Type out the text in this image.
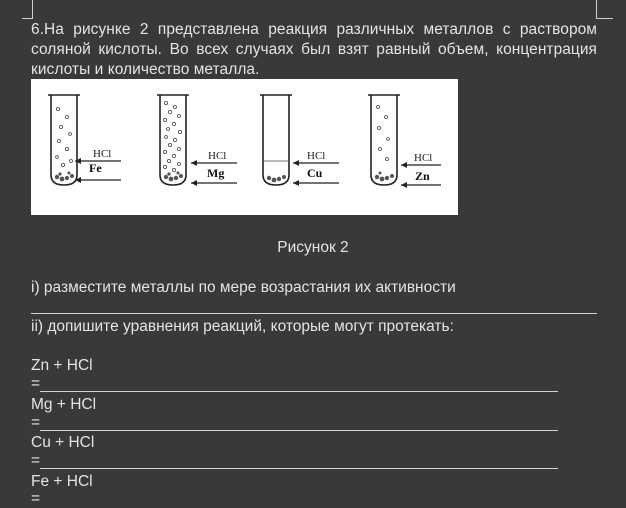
6.На рисунке 2 представлена реакция различных металлов с раствором соляной кислоты. Во всех случаях был взят равный объем, концентрация кислоты и количество металла.
HCl
Fe
HCl
Mg
HCl
Cu
HCl
Zn
Рисунок 2
i) разместите металлы по мере возрастания их активности
ii) допишите уравнения реакций, которые могут протекать:
Zn + HCl
=
Mg + HCl
=
Cu + HCl
=
Fe + HCl
=
